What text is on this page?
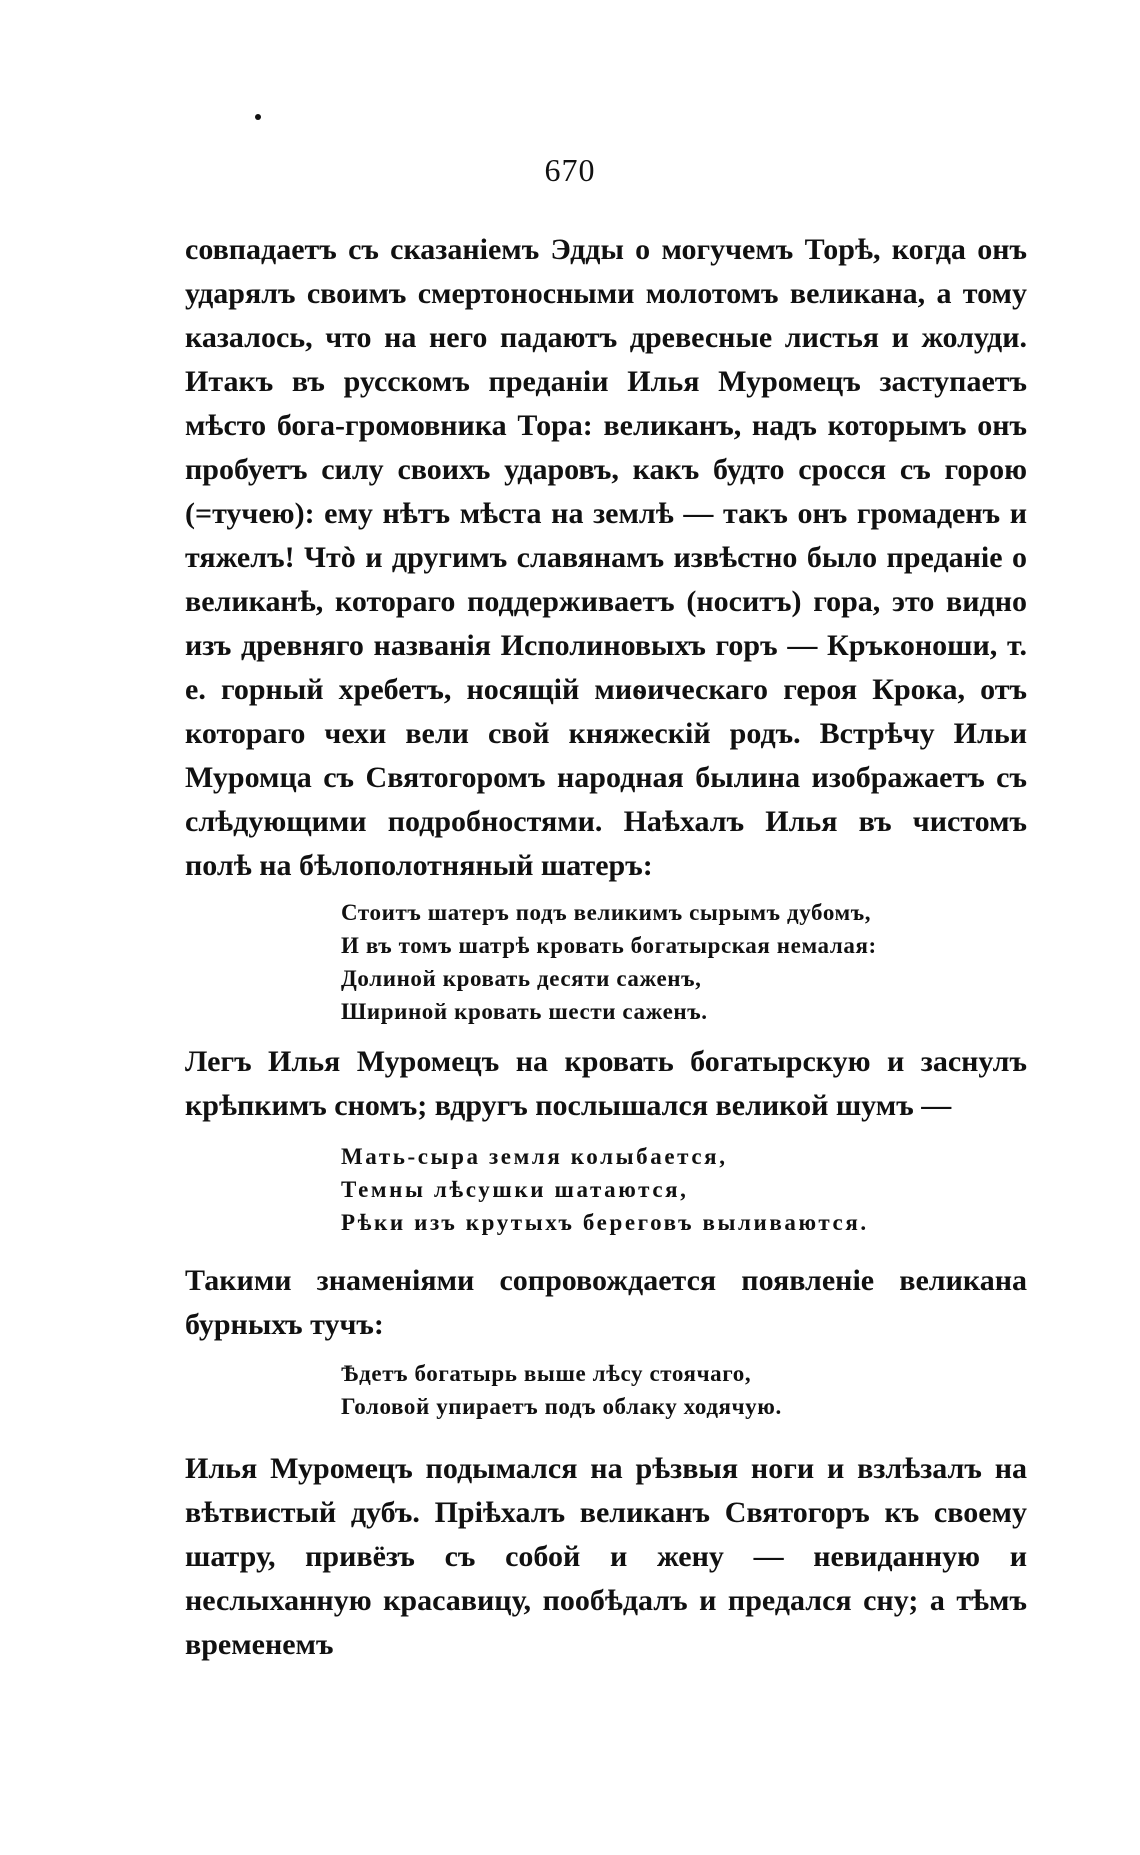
670

совпадаетъ съ сказаніемъ Эдды о могучемъ Торѣ, когда онъ ударялъ своимъ смертоносными молотомъ великана, а тому казалось, что на него падаютъ древесные листья и жолуди. Итакъ въ русскомъ преданіи Илья Муромецъ заступаетъ мѣсто бога-громовника Тора: великанъ, надъ которымъ онъ пробуетъ силу своихъ ударовъ, какъ будто сросся съ горою (=тучею): ему нѣтъ мѣста на землѣ — такъ онъ громаденъ и тяжелъ! Чтò и другимъ славянамъ извѣстно было преданіе о великанѣ, котораго поддерживаетъ (носитъ) гора, это видно изъ древняго названія Исполиновыхъ горъ — Кръконоши, т. е. горный хребетъ, носящій миѳическаго героя Крока, отъ котораго чехи вели свой княжескій родъ. Встрѣчу Ильи Муромца съ Святогоромъ народная былина изображаетъ съ слѣдующими подробностями. Наѣхалъ Илья въ чистомъ полѣ на бѣлополотняный шатеръ:

Стоитъ шатеръ подъ великимъ сырымъ дубомъ,
И въ томъ шатрѣ кровать богатырская немалая:
Долиной кровать десяти саженъ,
Шириной кровать шести саженъ.

Легъ Илья Муромецъ на кровать богатырскую и заснулъ крѣпкимъ сномъ; вдругъ послышался великой шумъ —

Мать-сыра земля колыбается,
Темны лѣсушки шатаются,
Рѣки изъ крутыхъ береговъ выливаются.

Такими знаменіями сопровождается появленіе великана бурныхъ тучъ:

Ѣдетъ богатырь выше лѣсу стоячаго,
Головой упираетъ подъ облаку ходячую.

Илья Муромецъ подымался на рѣзвыя ноги и взлѣзалъ на вѣтвистый дубъ. Пріѣхалъ великанъ Святогоръ къ своему шатру, привёзъ съ собой и жену — невиданную и неслыханную красавицу, пообѣдалъ и предался сну; а тѣмъ временемъ
